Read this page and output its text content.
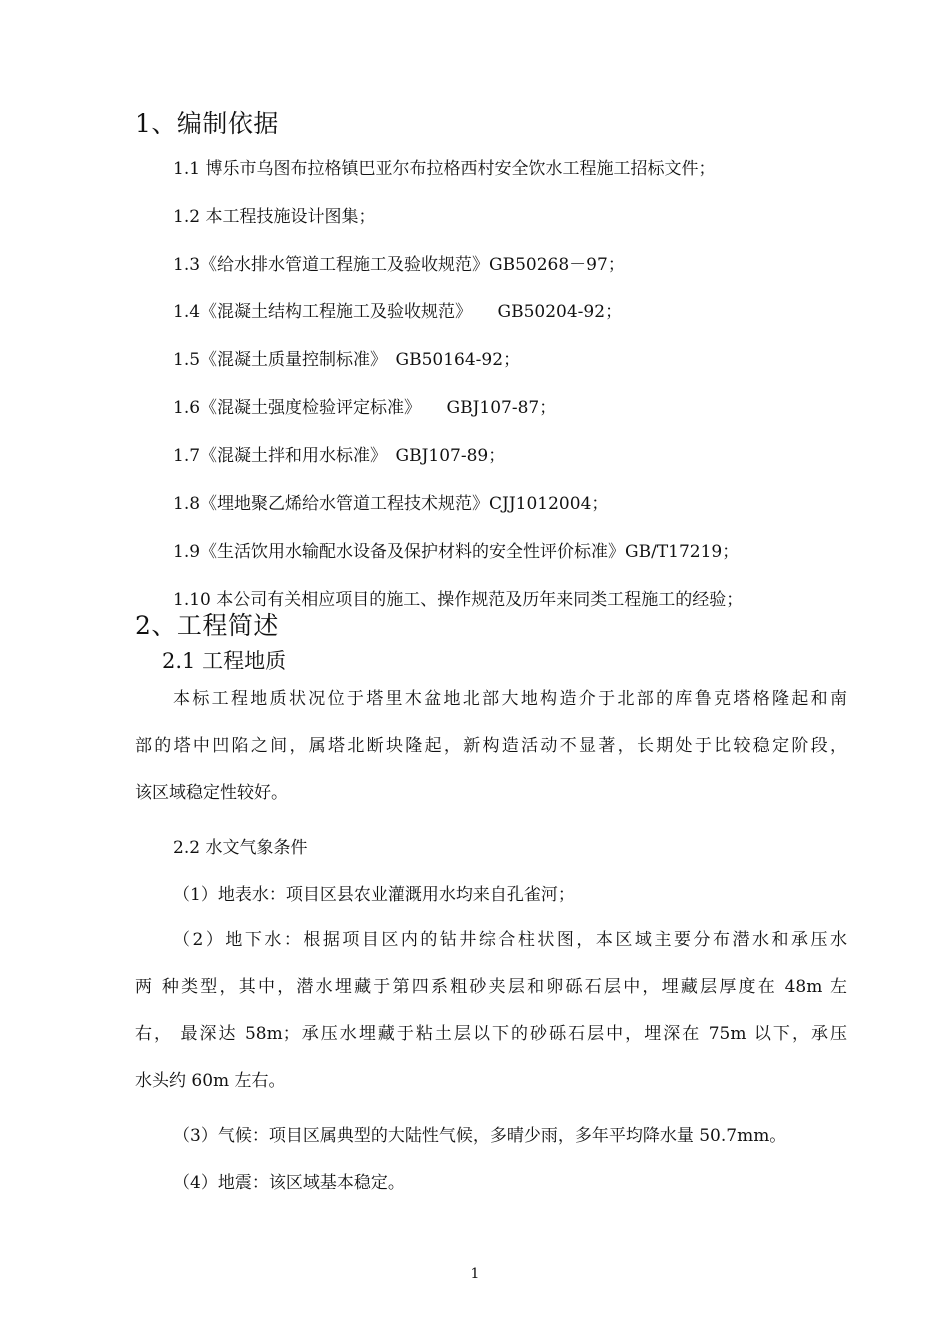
1、编制依据
1.1 博乐市乌图布拉格镇巴亚尔布拉格西村安全饮水工程施工招标文件；
1.2 本工程技施设计图集；
1.3《给水排水管道工程施工及验收规范》GB50268－97；
1.4《混凝土结构工程施工及验收规范》　　GB50204-92；
1.5《混凝土质量控制标准》　GB50164-92；
1.6《混凝土强度检验评定标准》　　GBJ107-87；
1.7《混凝土拌和用水标准》　GBJ107-89；
1.8《埋地聚乙烯给水管道工程技术规范》CJJ1012004；
1.9《生活饮用水输配水设备及保护材料的安全性评价标准》GB/T17219；
1.10 本公司有关相应项目的施工、操作规范及历年来同类工程施工的经验；
2、工程简述
2.1 工程地质
本标工程地质状况位于塔里木盆地北部大地构造介于北部的库鲁克塔格隆起和南
部的塔中凹陷之间，属塔北断块隆起，新构造活动不显著，长期处于比较稳定阶段，
该区域稳定性较好。
2.2 水文气象条件
（1）地表水：项目区县农业灌溉用水均来自孔雀河；
（2）地下水：根据项目区内的钻井综合柱状图，本区域主要分布潜水和承压水
两 种类型，其中，潜水埋藏于第四系粗砂夹层和卵砾石层中，埋藏层厚度在 48m 左
右， 最深达 58m；承压水埋藏于粘土层以下的砂砾石层中，埋深在 75m 以下，承压
水头约 60m 左右。
（3）气候：项目区属典型的大陆性气候，多晴少雨，多年平均降水量 50.7mm。
（4）地震：该区域基本稳定。
1
